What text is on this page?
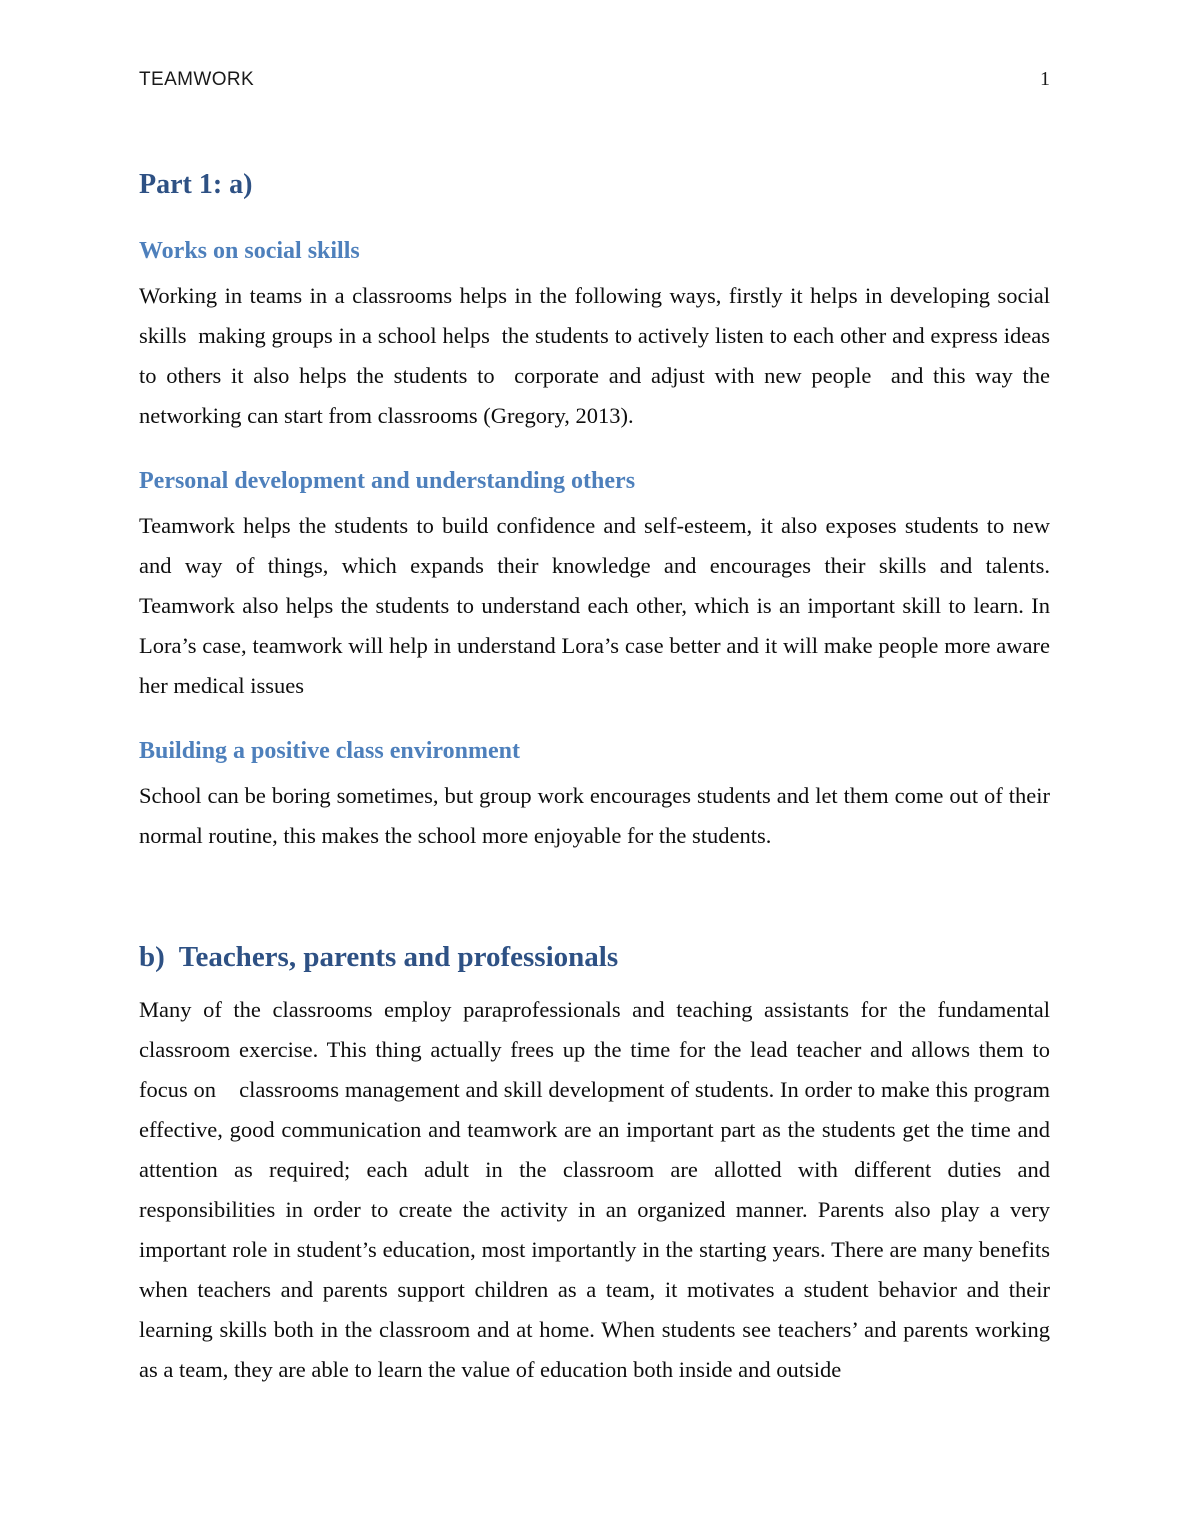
TEAMWORK	1
Part 1: a)
Works on social skills

Working in teams in a classrooms helps in the following ways, firstly it helps in developing social skills  making groups in a school helps  the students to actively listen to each other and express ideas to others it also helps the students to  corporate and adjust with new people  and this way the networking can start from classrooms (Gregory, 2013).

Personal development and understanding others

Teamwork helps the students to build confidence and self-esteem, it also exposes students to new and way of things, which expands their knowledge and encourages their skills and talents. Teamwork also helps the students to understand each other, which is an important skill to learn. In Lora’s case, teamwork will help in understand Lora’s case better and it will make people more aware her medical issues

Building a positive class environment

School can be boring sometimes, but group work encourages students and let them come out of their normal routine, this makes the school more enjoyable for the students.

b)  Teachers, parents and professionals

Many of the classrooms employ paraprofessionals and teaching assistants for the fundamental classroom exercise. This thing actually frees up the time for the lead teacher and allows them to focus on    classrooms management and skill development of students. In order to make this program effective, good communication and teamwork are an important part as the students get the time and attention as required; each adult in the classroom are allotted with different duties and responsibilities in order to create the activity in an organized manner. Parents also play a very important role in student’s education, most importantly in the starting years. There are many benefits when teachers and parents support children as a team, it motivates a student behavior and their learning skills both in the classroom and at home. When students see teachers’ and parents working as a team, they are able to learn the value of education both inside and outside
